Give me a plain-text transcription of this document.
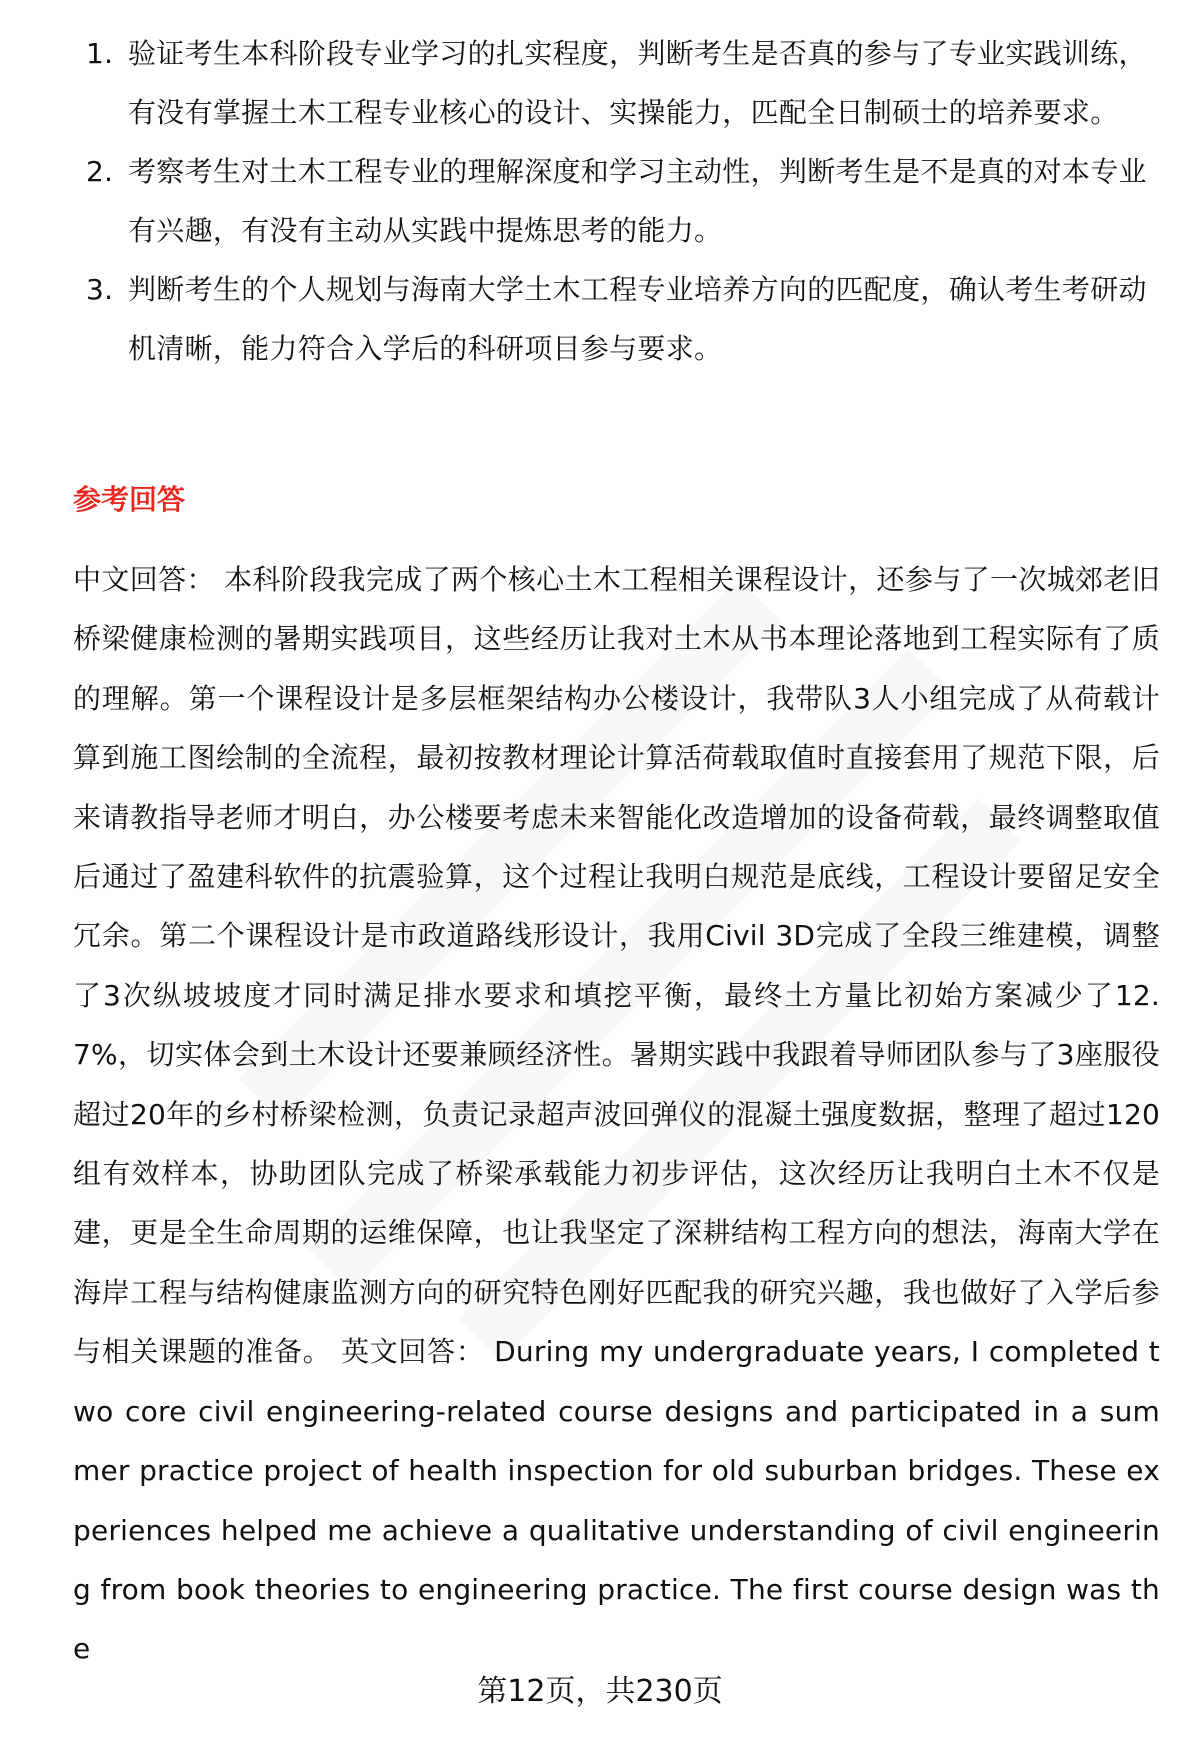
1. 验证考生本科阶段专业学习的扎实程度，判断考生是否真的参与了专业实践训练，有没有掌握土木工程专业核心的设计、实操能力，匹配全日制硕士的培养要求。
2. 考察考生对土木工程专业的理解深度和学习主动性，判断考生是不是真的对本专业有兴趣，有没有主动从实践中提炼思考的能力。
3. 判断考生的个人规划与海南大学土木工程专业培养方向的匹配度，确认考生考研动机清晰，能力符合入学后的科研项目参与要求。
参考回答

中文回答： 本科阶段我完成了两个核心土木工程相关课程设计，还参与了一次城郊老旧桥梁健康检测的暑期实践项目，这些经历让我对土木从书本理论落地到工程实际有了质的理解。第一个课程设计是多层框架结构办公楼设计，我带队3人小组完成了从荷载计算到施工图绘制的全流程，最初按教材理论计算活荷载取值时直接套用了规范下限，后来请教指导老师才明白，办公楼要考虑未来智能化改造增加的设备荷载，最终调整取值后通过了盈建科软件的抗震验算，这个过程让我明白规范是底线，工程设计要留足安全冗余。第二个课程设计是市政道路线形设计，我用Civil 3D完成了全段三维建模，调整了3次纵坡坡度才同时满足排水要求和填挖平衡，最终土方量比初始方案减少了12.7%，切实体会到土木设计还要兼顾经济性。暑期实践中我跟着导师团队参与了3座服役超过20年的乡村桥梁检测，负责记录超声波回弹仪的混凝土强度数据，整理了超过120组有效样本，协助团队完成了桥梁承载能力初步评估，这次经历让我明白土木不仅是建，更是全生命周期的运维保障，也让我坚定了深耕结构工程方向的想法，海南大学在海岸工程与结构健康监测方向的研究特色刚好匹配我的研究兴趣，我也做好了入学后参与相关课题的准备。 英文回答： During my undergraduate years, I completed two core civil engineering-related course designs and participated in a summer practice project of health inspection for old suburban bridges. These experiences helped me achieve a qualitative understanding of civil engineering from book theories to engineering practice. The first course design was the

第12页，共230页
